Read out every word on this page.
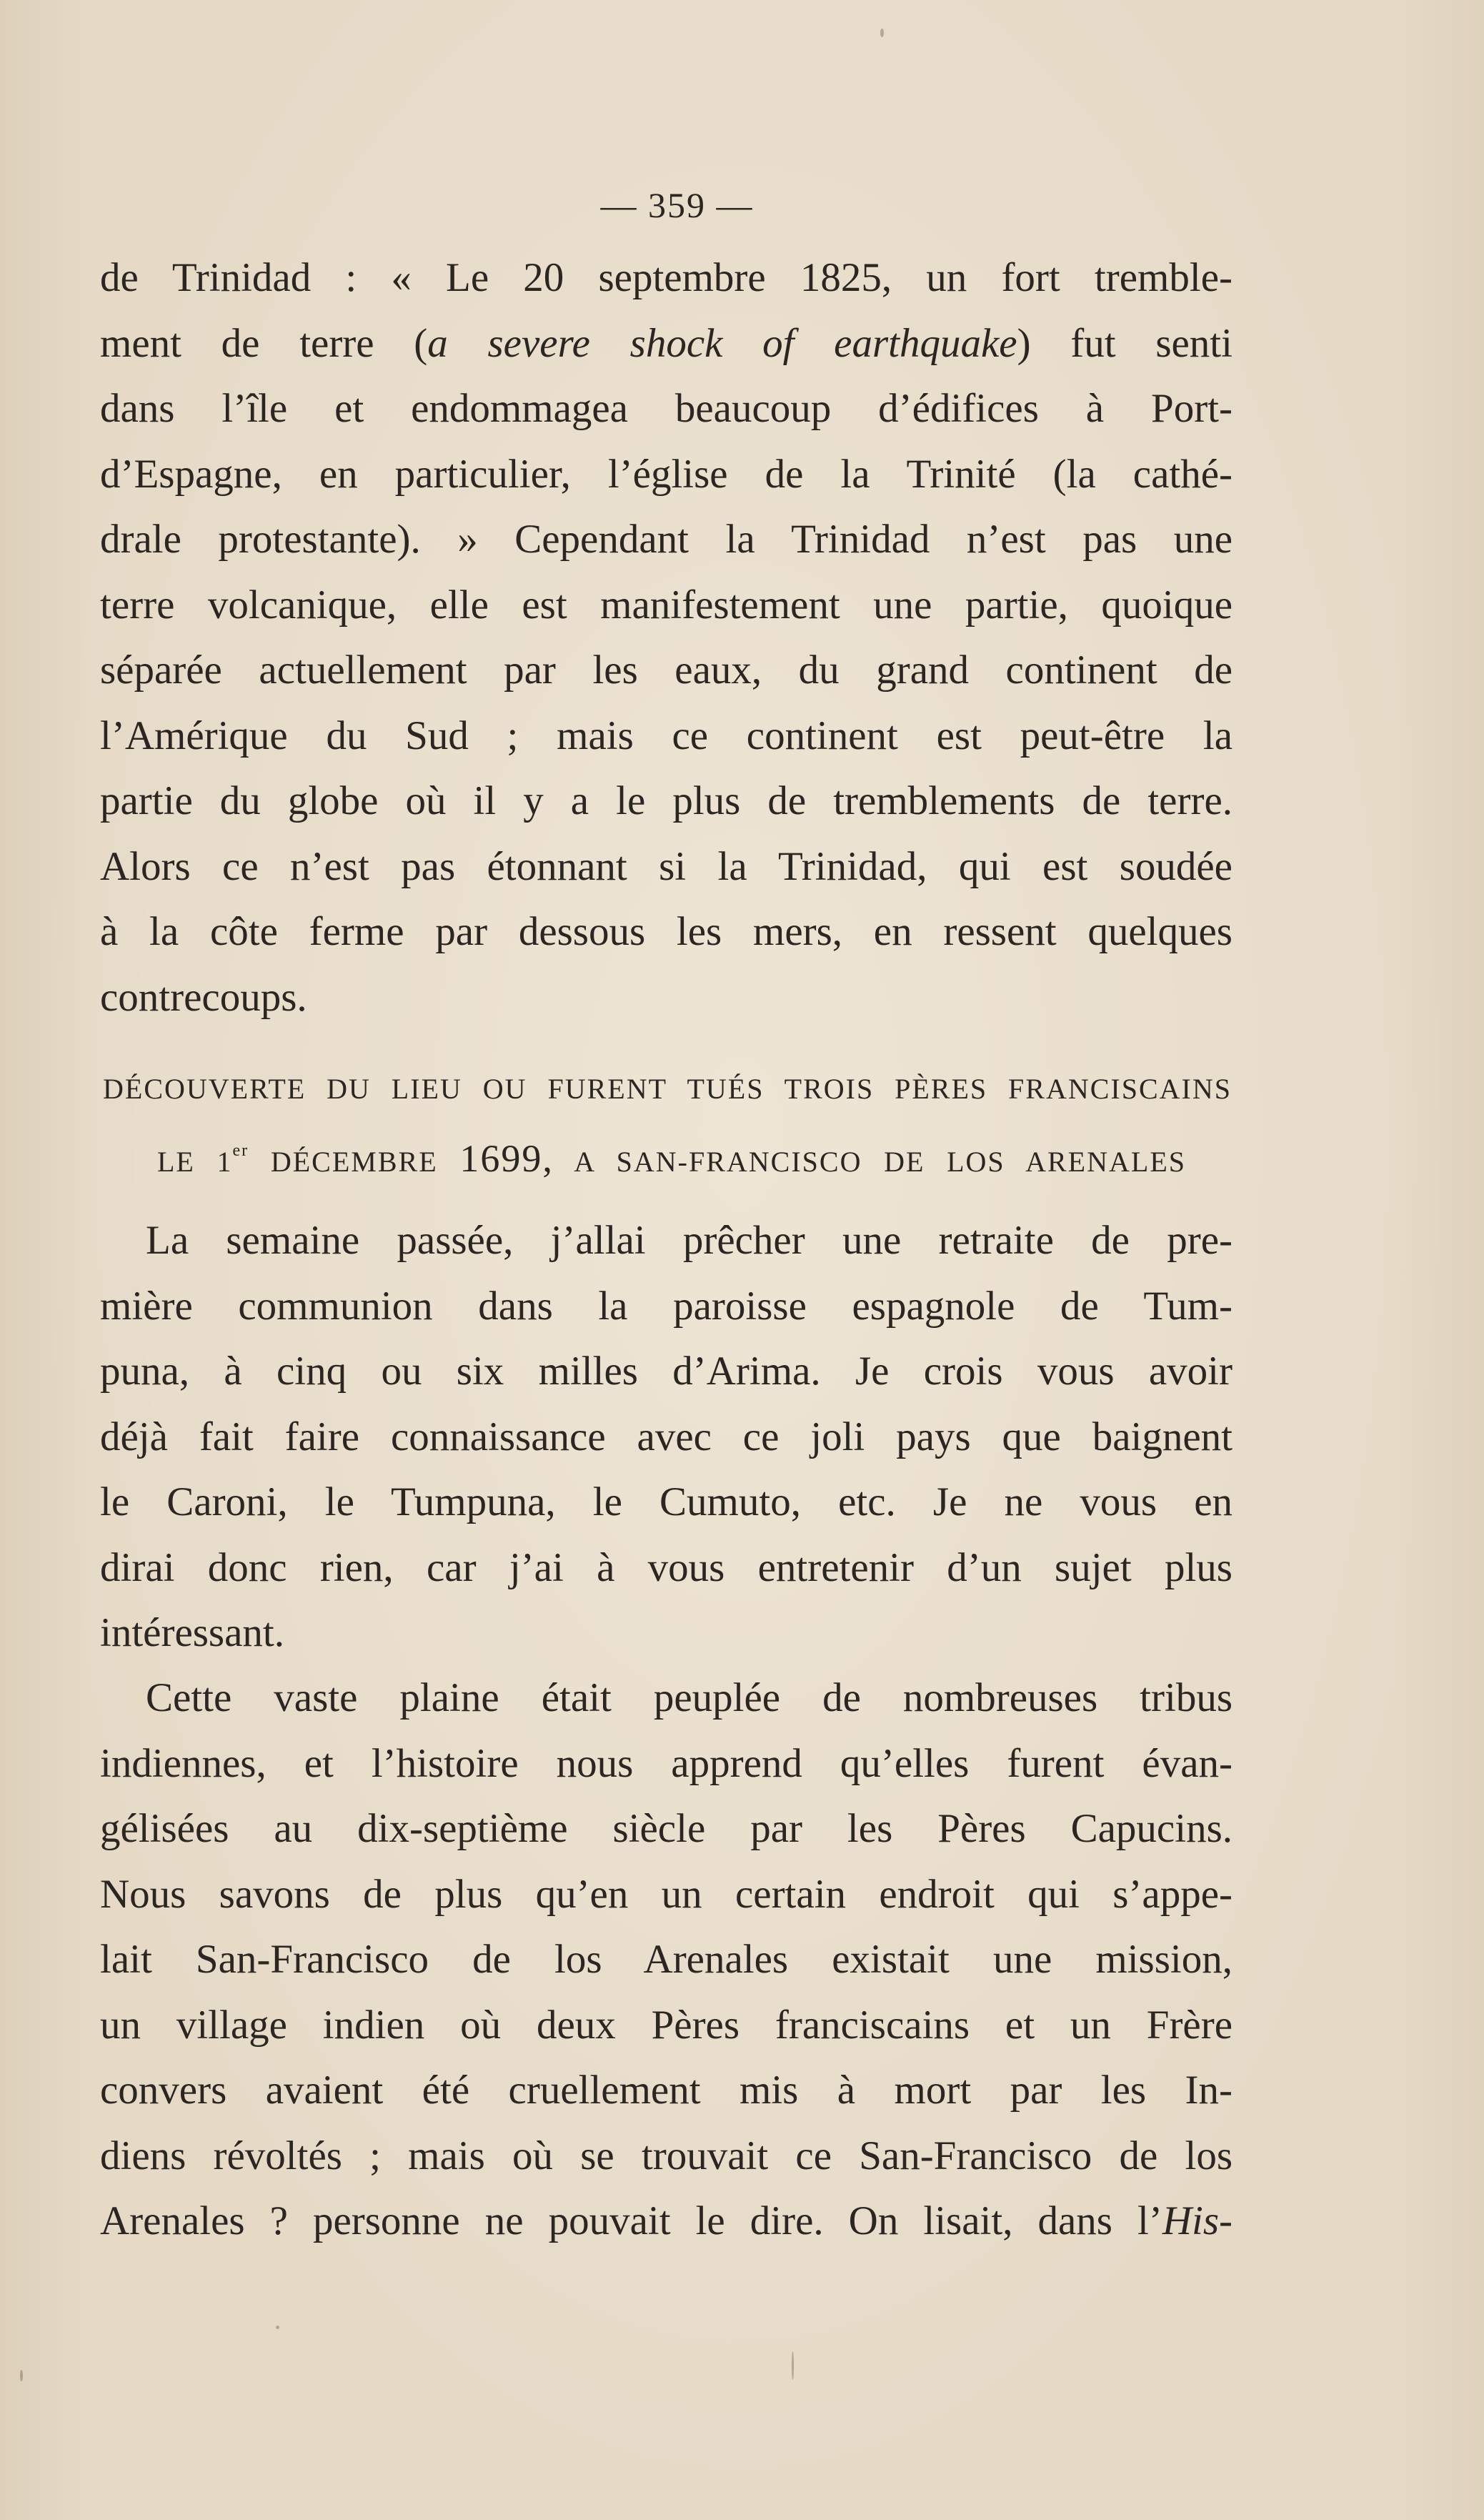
— 359 —
de Trinidad : « Le 20 septembre 1825, un fort tremble-
ment de terre (a severe shock of earthquake) fut senti
dans l’île et endommagea beaucoup d’édifices à Port-
d’Espagne, en particulier, l’église de la Trinité (la cathé-
drale protestante). » Cependant la Trinidad n’est pas une
terre volcanique, elle est manifestement une partie, quoique
séparée actuellement par les eaux, du grand continent de
l’Amérique du Sud ; mais ce continent est peut-être la
partie du globe où il y a le plus de tremblements de terre.
Alors ce n’est pas étonnant si la Trinidad, qui est soudée
à la côte ferme par dessous les mers, en ressent quelques
contrecoups.
DÉCOUVERTE DU LIEU OU FURENT TUÉS TROIS PÈRES FRANCISCAINS
LE 1er DÉCEMBRE 1699, A SAN-FRANCISCO DE LOS ARENALES
La semaine passée, j’allai prêcher une retraite de pre-
mière communion dans la paroisse espagnole de Tum-
puna, à cinq ou six milles d’Arima. Je crois vous avoir
déjà fait faire connaissance avec ce joli pays que baignent
le Caroni, le Tumpuna, le Cumuto, etc. Je ne vous en
dirai donc rien, car j’ai à vous entretenir d’un sujet plus
intéressant.
Cette vaste plaine était peuplée de nombreuses tribus
indiennes, et l’histoire nous apprend qu’elles furent évan-
gélisées au dix-septième siècle par les Pères Capucins.
Nous savons de plus qu’en un certain endroit qui s’appe-
lait San-Francisco de los Arenales existait une mission,
un village indien où deux Pères franciscains et un Frère
convers avaient été cruellement mis à mort par les In-
diens révoltés ; mais où se trouvait ce San-Francisco de los
Arenales ? personne ne pouvait le dire. On lisait, dans l’His-
